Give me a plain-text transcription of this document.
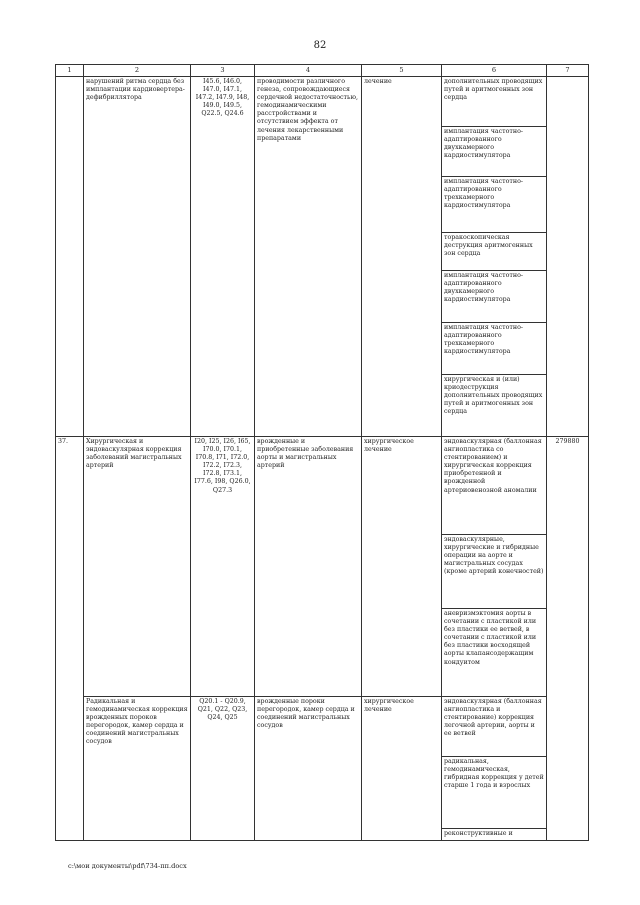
82
1	2	3	4	5	6	7
	нарушений ритма сердца без имплантации кардиовертера-дефибриллятора	I45.6, I46.0, I47.0, I47.1, I47.2, I47.9, I48, I49.0, I49.5, Q22.5, Q24.6	проводимости различного генеза, сопровождающиеся сердечной недостаточностью, гемодинамическими расстройствами и отсутствием эффекта от лечения лекарственными препаратами	лечение	дополнительных проводящих путей и аритмогенных зон сердца	
					имплантация частотно-адаптированного двухкамерного кардиостимулятора	
					имплантация частотно-адаптированного трехкамерного кардиостимулятора	
					торакоскопическая деструкция аритмогенных зон сердца	
					имплантация частотно-адаптированного двухкамерного кардиостимулятора	
					имплантация частотно-адаптированного трехкамерного кардиостимулятора	
					хирургическая и (или) криодеструкция дополнительных проводящих путей и аритмогенных зон сердца	
37.	Хирургическая и эндоваскулярная коррекция заболеваний магистральных артерий	I20, I25, I26, I65, I70.0, I70.1, I70.8, I71, I72.0, I72.2, I72.3, I72.8, I73.1, I77.6, I98, Q26.0, Q27.3	врожденные и приобретенные заболевания аорты и магистральных артерий	хирургическое лечение	эндоваскулярная (баллонная ангиопластика со стентированием) и хирургическая коррекция приобретенной и врожденной артериовенозной аномалии	279880
					эндоваскулярные, хирургические и гибридные операции на аорте и магистральных сосудах (кроме артерий конечностей)	
					аневризмэктомия аорты в сочетании с пластикой или без пластики ее ветвей, в сочетании с пластикой или без пластики восходящей аорты клапансодержащим кондуитом	
	Радикальная и гемодинамическая коррекция врожденных пороков перегородок, камер сердца и соединений магистральных сосудов	Q20.1 - Q20.9, Q21, Q22, Q23, Q24, Q25	врожденные пороки перегородок, камер сердца и соединений магистральных сосудов	хирургическое лечение	эндоваскулярная (баллонная ангиопластика и стентирование) коррекция легочной артерии, аорты и ее ветвей	
					радикальная, гемодинамическая, гибридная коррекция у детей старше 1 года и взрослых	
					реконструктивные и	
c:\мои документы\pdf\734-пп.docx
